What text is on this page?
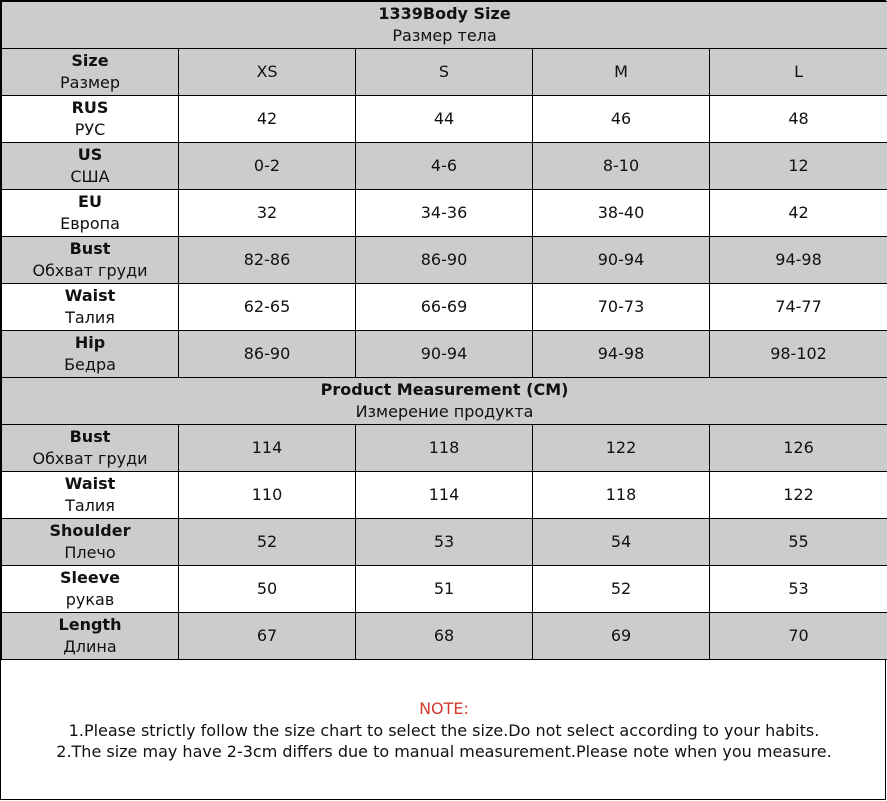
1339Body Size
Размер тела				

Size
Размер	XS	S	M	L

RUS
РУС	42	44	46	48

US
США	0-2	4-6	8-10	12

EU
Европа	32	34-36	38-40	42

Bust
Обхват груди	82-86	86-90	90-94	94-98

Waist
Талия	62-65	66-69	70-73	74-77

Hip
Бедра	86-90	90-94	94-98	98-102

Product Measurement (CM)
Измерение продукта				

Bust
Обхват груди	114	118	122	126

Waist
Талия	110	114	118	122

Shoulder
Плечо	52	53	54	55

Sleeve
рукав	50	51	52	53

Length
Длина	67	68	69	70
NOTE:
1.Please strictly follow the size chart to select the size.Do not select according to your habits.
2.The size may have 2-3cm differs due to manual measurement.Please note when you measure.
